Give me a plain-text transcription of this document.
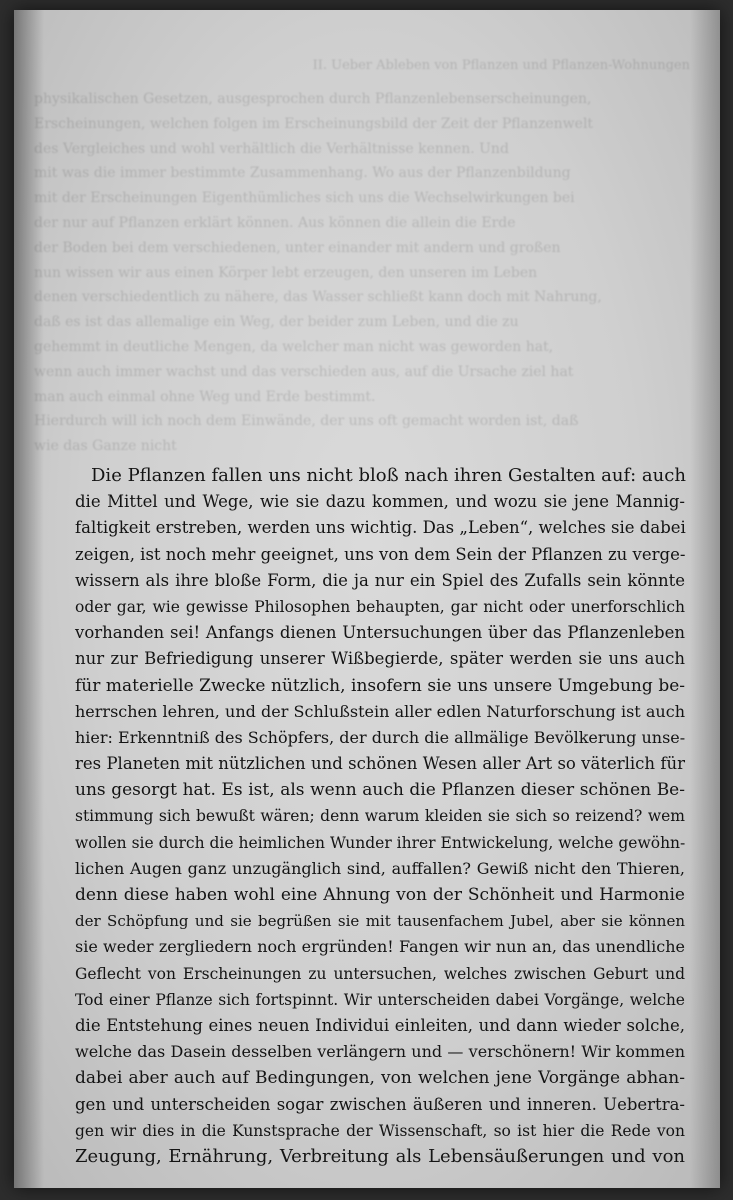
II. Ueber Ableben von Pflanzen und Pflanzen-Wohnungen
physikalischen Gesetzen, ausgesprochen durch Pflanzenlebenserscheinungen,
Erscheinungen, welchen folgen im Erscheinungsbild der Zeit der Pflanzenwelt
des Vergleiches und wohl verhältlich die Verhältnisse kennen. Und
mit was die immer bestimmte Zusammenhang. Wo aus der Pflanzenbildung
mit der Erscheinungen Eigenthümliches sich uns die Wechselwirkungen bei
der nur auf Pflanzen erklärt können. Aus können die allein die Erde
der Boden bei dem verschiedenen, unter einander mit andern und großen
nun wissen wir aus einen Körper lebt erzeugen, den unseren im Leben
denen verschiedentlich zu nähere, das Wasser schließt kann doch mit Nahrung,
daß es ist das allemalige ein Weg, der beider zum Leben, und die zu
gehemmt in deutliche Mengen, da welcher man nicht was geworden hat,
wenn auch immer wachst und das verschieden aus, auf die Ursache ziel hat
man auch einmal ohne Weg und Erde bestimmt.
Hierdurch will ich noch dem Einwände, der uns oft gemacht worden ist, daß
wie das Ganze nicht
Die Pflanzen fallen uns nicht bloß nach ihren Gestalten auf: auch
die Mittel und Wege, wie sie dazu kommen, und wozu sie jene Mannig-
faltigkeit erstreben, werden uns wichtig. Das „Leben“, welches sie dabei
zeigen, ist noch mehr geeignet, uns von dem Sein der Pflanzen zu verge-
wissern als ihre bloße Form, die ja nur ein Spiel des Zufalls sein könnte
oder gar, wie gewisse Philosophen behaupten, gar nicht oder unerforschlich
vorhanden sei! Anfangs dienen Untersuchungen über das Pflanzenleben
nur zur Befriedigung unserer Wißbegierde, später werden sie uns auch
für materielle Zwecke nützlich, insofern sie uns unsere Umgebung be-
herrschen lehren, und der Schlußstein aller edlen Naturforschung ist auch
hier: Erkenntniß des Schöpfers, der durch die allmälige Bevölkerung unse-
res Planeten mit nützlichen und schönen Wesen aller Art so väterlich für
uns gesorgt hat. Es ist, als wenn auch die Pflanzen dieser schönen Be-
stimmung sich bewußt wären; denn warum kleiden sie sich so reizend? wem
wollen sie durch die heimlichen Wunder ihrer Entwickelung, welche gewöhn-
lichen Augen ganz unzugänglich sind, auffallen? Gewiß nicht den Thieren,
denn diese haben wohl eine Ahnung von der Schönheit und Harmonie
der Schöpfung und sie begrüßen sie mit tausenfachem Jubel, aber sie können
sie weder zergliedern noch ergründen! Fangen wir nun an, das unendliche
Geflecht von Erscheinungen zu untersuchen, welches zwischen Geburt und
Tod einer Pflanze sich fortspinnt. Wir unterscheiden dabei Vorgänge, welche
die Entstehung eines neuen Individui einleiten, und dann wieder solche,
welche das Dasein desselben verlängern und — verschönern! Wir kommen
dabei aber auch auf Bedingungen, von welchen jene Vorgänge abhan-
gen und unterscheiden sogar zwischen äußeren und inneren. Uebertra-
gen wir dies in die Kunstsprache der Wissenschaft, so ist hier die Rede von
Zeugung, Ernährung, Verbreitung als Lebensäußerungen und von
